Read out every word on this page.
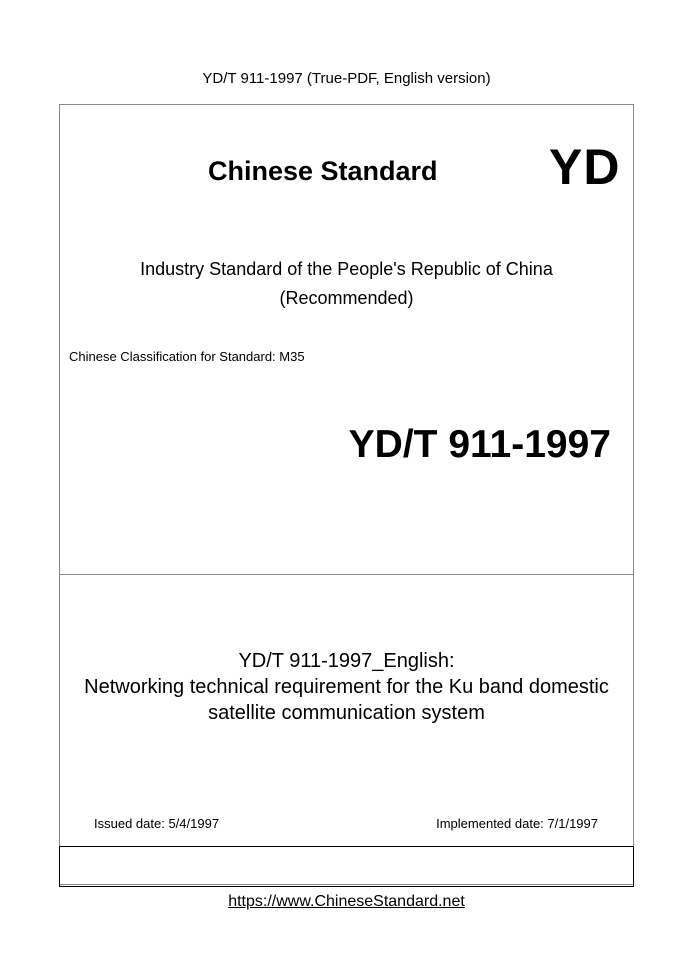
YD/T 911-1997 (True-PDF, English version)
Chinese Standard YD
Industry Standard of the People's Republic of China
(Recommended)
Chinese Classification for Standard: M35
YD/T 911-1997
YD/T 911-1997_English:
Networking technical requirement for the Ku band domestic
satellite communication system
Issued date: 5/4/1997	Implemented date: 7/1/1997
https://www.ChineseStandard.net
